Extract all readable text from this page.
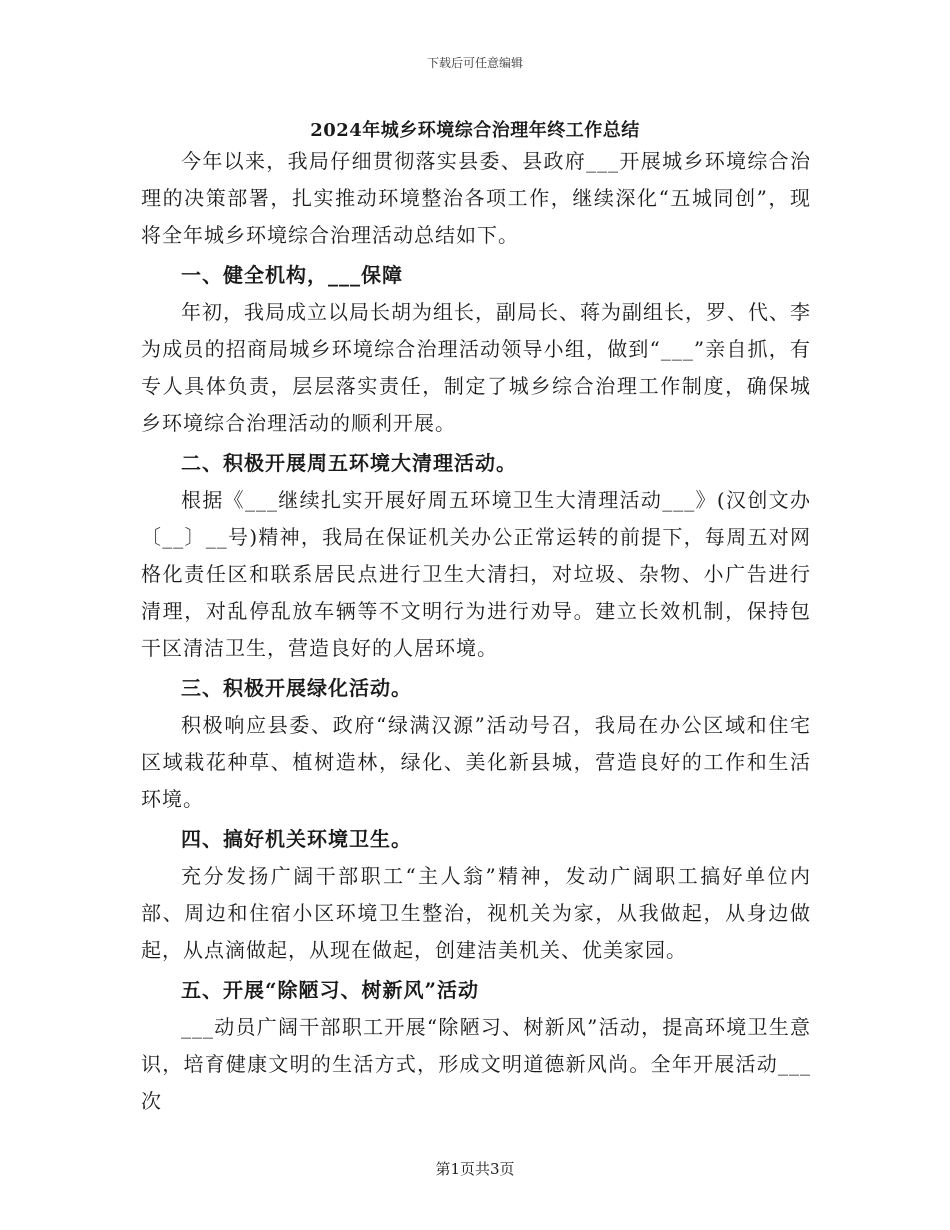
下载后可任意编辑
2024年城乡环境综合治理年终工作总结

今年以来，我局仔细贯彻落实县委、县政府___开展城乡环境综合治理的决策部署，扎实推动环境整治各项工作，继续深化“五城同创”，现将全年城乡环境综合治理活动总结如下。

一、健全机构，___保障

年初，我局成立以局长胡为组长，副局长、蒋为副组长，罗、代、李为成员的招商局城乡环境综合治理活动领导小组，做到“___”亲自抓，有专人具体负责，层层落实责任，制定了城乡综合治理工作制度，确保城乡环境综合治理活动的顺利开展。

二、积极开展周五环境大清理活动。

根据《___继续扎实开展好周五环境卫生大清理活动___》(汉创文办〔__〕__号)精神，我局在保证机关办公正常运转的前提下，每周五对网格化责任区和联系居民点进行卫生大清扫，对垃圾、杂物、小广告进行清理，对乱停乱放车辆等不文明行为进行劝导。建立长效机制，保持包干区清洁卫生，营造良好的人居环境。

三、积极开展绿化活动。

积极响应县委、政府“绿满汉源”活动号召，我局在办公区域和住宅区域栽花种草、植树造林，绿化、美化新县城，营造良好的工作和生活环境。

四、搞好机关环境卫生。

充分发扬广阔干部职工“主人翁”精神，发动广阔职工搞好单位内部、周边和住宿小区环境卫生整治，视机关为家，从我做起，从身边做起，从点滴做起，从现在做起，创建洁美机关、优美家园。

五、开展“除陋习、树新风”活动

___动员广阔干部职工开展“除陋习、树新风”活动，提高环境卫生意识，培育健康文明的生活方式，形成文明道德新风尚。全年开展活动___次

第1页共3页
